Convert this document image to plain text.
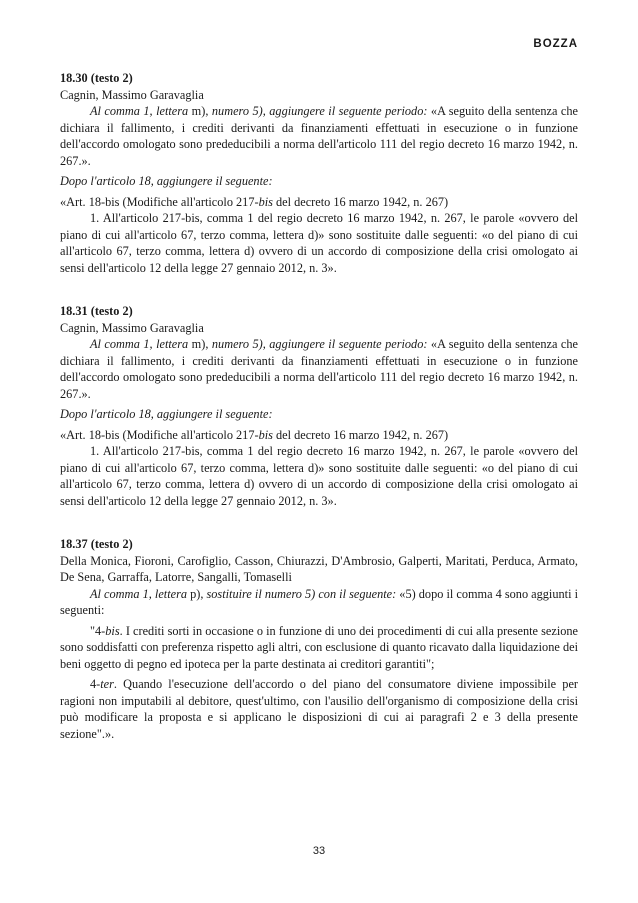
BOZZA

18.30 (testo 2)

Cagnin, Massimo Garavaglia

Al comma 1, lettera m), numero 5), aggiungere il seguente periodo: «A seguito della sentenza che dichiara il fallimento, i crediti derivanti da finanziamenti effettuati in esecuzione o in funzione dell'accordo omologato sono prededucibili a norma dell'articolo 111 del regio decreto 16 marzo 1942, n. 267.».

Dopo l'articolo 18, aggiungere il seguente:

«Art. 18-bis (Modifiche all'articolo 217-bis del decreto 16 marzo 1942, n. 267)

1. All'articolo 217-bis, comma 1 del regio decreto 16 marzo 1942, n. 267, le parole «ovvero del piano di cui all'articolo 67, terzo comma, lettera d)» sono sostituite dalle seguenti: «o del piano di cui all'articolo 67, terzo comma, lettera d) ovvero di un accordo di composizione della crisi omologato ai sensi dell'articolo 12 della legge 27 gennaio 2012, n. 3».

18.31 (testo 2)

Cagnin, Massimo Garavaglia

Al comma 1, lettera m), numero 5), aggiungere il seguente periodo: «A seguito della sentenza che dichiara il fallimento, i crediti derivanti da finanziamenti effettuati in esecuzione o in funzione dell'accordo omologato sono prededucibili a norma dell'articolo 111 del regio decreto 16 marzo 1942, n. 267.».

Dopo l'articolo 18, aggiungere il seguente:

«Art. 18-bis (Modifiche all'articolo 217-bis del decreto 16 marzo 1942, n. 267)

1. All'articolo 217-bis, comma 1 del regio decreto 16 marzo 1942, n. 267, le parole «ovvero del piano di cui all'articolo 67, terzo comma, lettera d)» sono sostituite dalle seguenti: «o del piano di cui all'articolo 67, terzo comma, lettera d) ovvero di un accordo di composizione della crisi omologato ai sensi dell'articolo 12 della legge 27 gennaio 2012, n. 3».

18.37 (testo 2)

Della Monica, Fioroni, Carofiglio, Casson, Chiurazzi, D'Ambrosio, Galperti, Maritati, Perduca, Armato, De Sena, Garraffa, Latorre, Sangalli, Tomaselli

Al comma 1, lettera p), sostituire il numero 5) con il seguente: «5) dopo il comma 4 sono aggiunti i seguenti:

"4-bis. I crediti sorti in occasione o in funzione di uno dei procedimenti di cui alla presente sezione sono soddisfatti con preferenza rispetto agli altri, con esclusione di quanto ricavato dalla liquidazione dei beni oggetto di pegno ed ipoteca per la parte destinata ai creditori garantiti";

4-ter. Quando l'esecuzione dell'accordo o del piano del consumatore diviene impossibile per ragioni non imputabili al debitore, quest'ultimo, con l'ausilio dell'organismo di composizione della crisi può modificare la proposta e si applicano le disposizioni di cui ai paragrafi 2 e 3 della presente sezione".».

33
